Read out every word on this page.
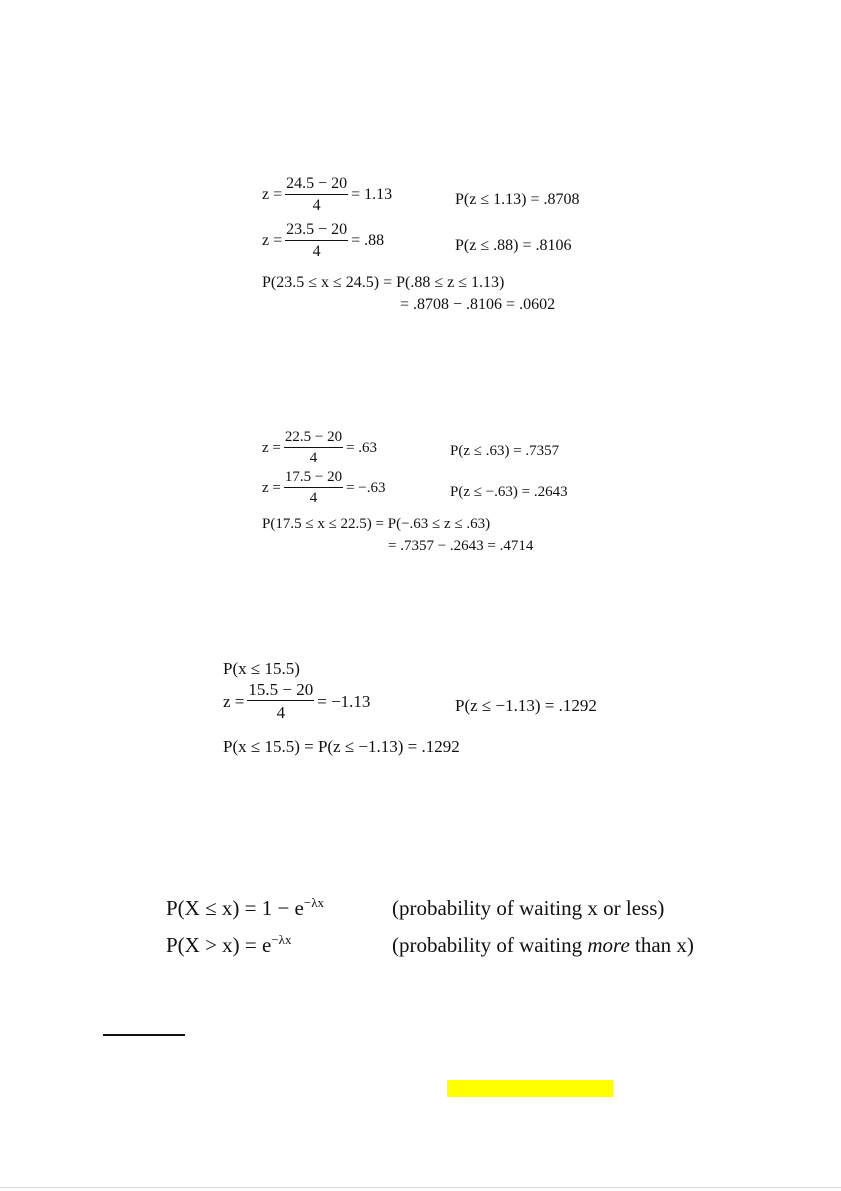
$z = \frac{24.5 - 20}{4} = 1.13$	P(z ≤ 1.13) = .8708
$z = \frac{23.5 - 20}{4} = .88$	P(z ≤ .88) = .8106
P(23.5 ≤ x ≤ 24.5) = P(.88 ≤ z ≤ 1.13)
= .8708 − .8106 = .0602
$z = \frac{22.5 - 20}{4} = .63$	P(z ≤ .63) = .7357
$z = \frac{17.5 - 20}{4} = -.63$	P(z ≤ −.63) = .2643
P(17.5 ≤ x ≤ 22.5) = P(−.63 ≤ z ≤ .63)
= .7357 − .2643 = .4714
P(x ≤ 15.5)
$z = \frac{15.5 - 20}{4} = -1.13$	P(z ≤ −1.13) = .1292
P(x ≤ 15.5) = P(z ≤ −1.13) = .1292
$P(X \le x) = 1 - e^{-\lambda x}$	(probability of waiting x or less)
$P(X > x) = e^{-\lambda x}$	(probability of waiting more than x)
